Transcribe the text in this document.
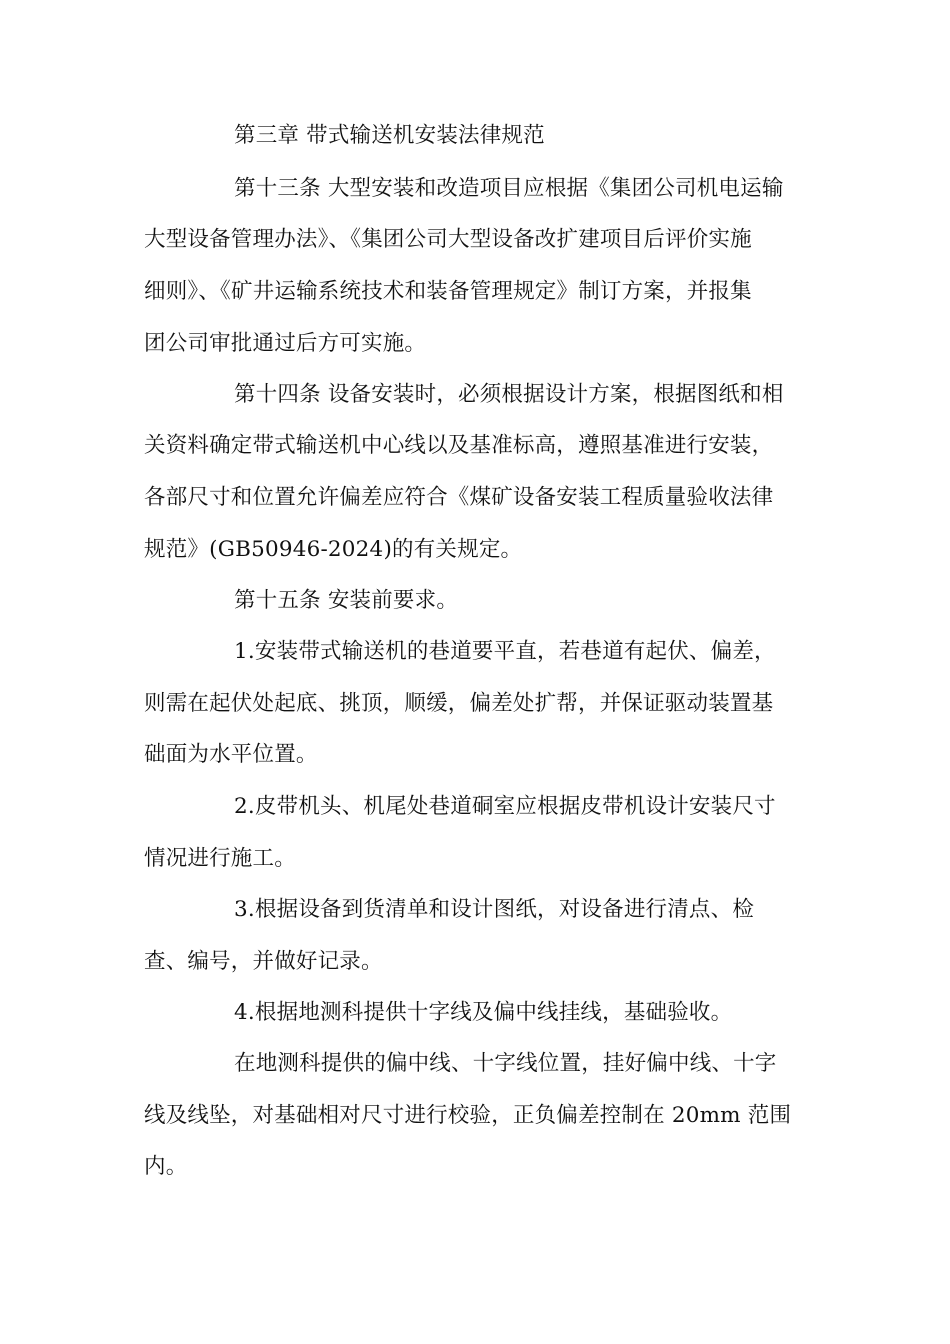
第三章 带式输送机安装法律规范
第十三条 大型安装和改造项目应根据《集团公司机电运输
大型设备管理办法》、《集团公司大型设备改扩建项目后评价实施
细则》、《矿井运输系统技术和装备管理规定》制订方案，并报集
团公司审批通过后方可实施。
第十四条 设备安装时，必须根据设计方案，根据图纸和相
关资料确定带式输送机中心线以及基准标高，遵照基准进行安装，
各部尺寸和位置允许偏差应符合《煤矿设备安装工程质量验收法律
规范》(GB50946-2024)的有关规定。
第十五条 安装前要求。
1.安装带式输送机的巷道要平直，若巷道有起伏、偏差，
则需在起伏处起底、挑顶，顺缓，偏差处扩帮，并保证驱动装置基
础面为水平位置。
2.皮带机头、机尾处巷道硐室应根据皮带机设计安装尺寸
情况进行施工。
3.根据设备到货清单和设计图纸，对设备进行清点、检
查、编号，并做好记录。
4.根据地测科提供十字线及偏中线挂线，基础验收。
在地测科提供的偏中线、十字线位置，挂好偏中线、十字
线及线坠，对基础相对尺寸进行校验，正负偏差控制在 20mm 范围
内。
